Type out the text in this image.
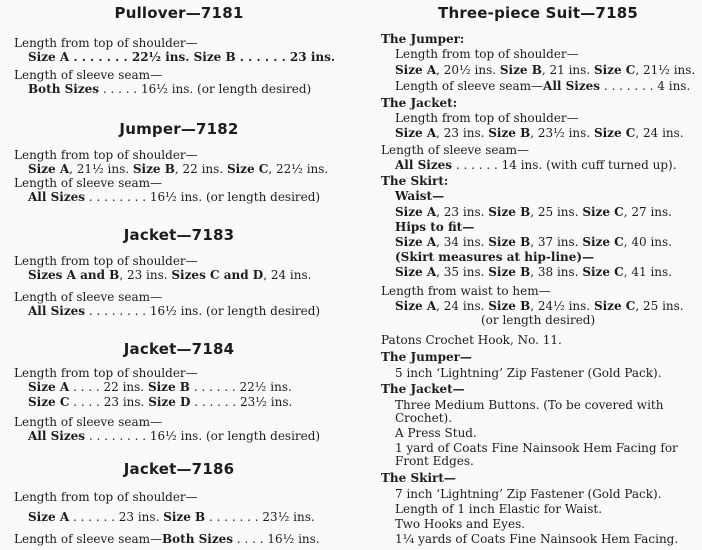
Pullover—7181
Length from top of shoulder—
Size A . . . . . . . 22½ ins. Size B . . . . . . 23 ins.
Length of sleeve seam—
Both Sizes . . . . . 16½ ins. (or length desired)
Jumper—7182
Length from top of shoulder—
Size A, 21½ ins. Size B, 22 ins. Size C, 22½ ins.
Length of sleeve seam—
All Sizes . . . . . . . . 16½ ins. (or length desired)
Jacket—7183
Length from top of shoulder—
Sizes A and B, 23 ins. Sizes C and D, 24 ins.
Length of sleeve seam—
All Sizes . . . . . . . . 16½ ins. (or length desired)
Jacket—7184
Length from top of shoulder—
Size A . . . . 22 ins. Size B . . . . . . 22½ ins.
Size C . . . . 23 ins. Size D . . . . . . 23½ ins.
Length of sleeve seam—
All Sizes . . . . . . . . 16½ ins. (or length desired)
Jacket—7186
Length from top of shoulder—
Size A . . . . . . 23 ins. Size B . . . . . . . 23½ ins.
Length of sleeve seam—Both Sizes . . . . 16½ ins.
Three-piece Suit—7185
The Jumper:
Length from top of shoulder—
Size A, 20½ ins. Size B, 21 ins. Size C, 21½ ins.
Length of sleeve seam—All Sizes . . . . . . . 4 ins.
The Jacket:
Length from top of shoulder—
Size A, 23 ins. Size B, 23½ ins. Size C, 24 ins.
Length of sleeve seam—
All Sizes . . . . . . 14 ins. (with cuff turned up).
The Skirt:
Waist—
Size A, 23 ins. Size B, 25 ins. Size C, 27 ins.
Hips to fit—
Size A, 34 ins. Size B, 37 ins. Size C, 40 ins.
(Skirt measures at hip-line)—
Size A, 35 ins. Size B, 38 ins. Size C, 41 ins.
Length from waist to hem—
Size A, 24 ins. Size B, 24½ ins. Size C, 25 ins.
(or length desired)
Patons Crochet Hook, No. 11.
The Jumper—
5 inch ‘Lightning’ Zip Fastener (Gold Pack).
The Jacket—
Three Medium Buttons. (To be covered with
Crochet).
A Press Stud.
1 yard of Coats Fine Nainsook Hem Facing for
Front Edges.
The Skirt—
7 inch ‘Lightning’ Zip Fastener (Gold Pack).
Length of 1 inch Elastic for Waist.
Two Hooks and Eyes.
1¼ yards of Coats Fine Nainsook Hem Facing.
